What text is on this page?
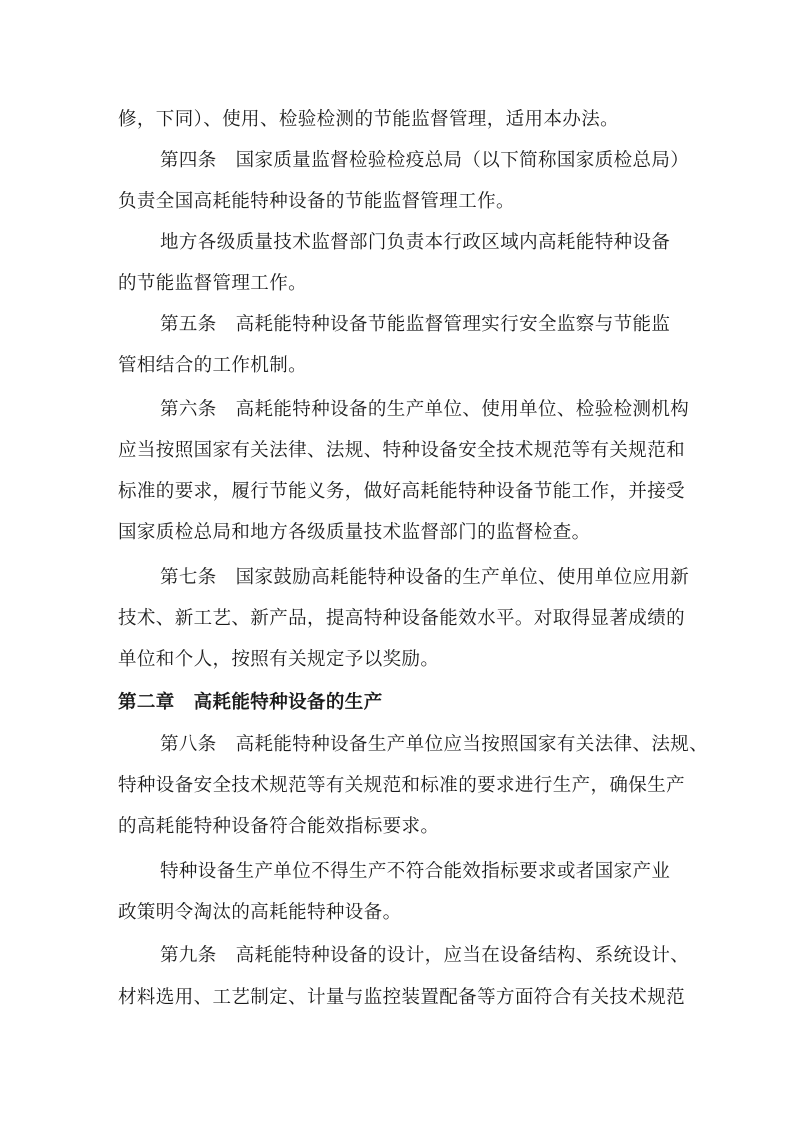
修，下同）、使用、检验检测的节能监督管理，适用本办法。
第四条　国家质量监督检验检疫总局（以下简称国家质检总局）
负责全国高耗能特种设备的节能监督管理工作。
地方各级质量技术监督部门负责本行政区域内高耗能特种设备
的节能监督管理工作。
第五条　高耗能特种设备节能监督管理实行安全监察与节能监
管相结合的工作机制。
第六条　高耗能特种设备的生产单位、使用单位、检验检测机构
应当按照国家有关法律、法规、特种设备安全技术规范等有关规范和
标准的要求，履行节能义务，做好高耗能特种设备节能工作，并接受
国家质检总局和地方各级质量技术监督部门的监督检查。
第七条　国家鼓励高耗能特种设备的生产单位、使用单位应用新
技术、新工艺、新产品，提高特种设备能效水平。对取得显著成绩的
单位和个人，按照有关规定予以奖励。
第二章　高耗能特种设备的生产
第八条　高耗能特种设备生产单位应当按照国家有关法律、法规、
特种设备安全技术规范等有关规范和标准的要求进行生产，确保生产
的高耗能特种设备符合能效指标要求。
特种设备生产单位不得生产不符合能效指标要求或者国家产业
政策明令淘汰的高耗能特种设备。
第九条　高耗能特种设备的设计，应当在设备结构、系统设计、
材料选用、工艺制定、计量与监控装置配备等方面符合有关技术规范
